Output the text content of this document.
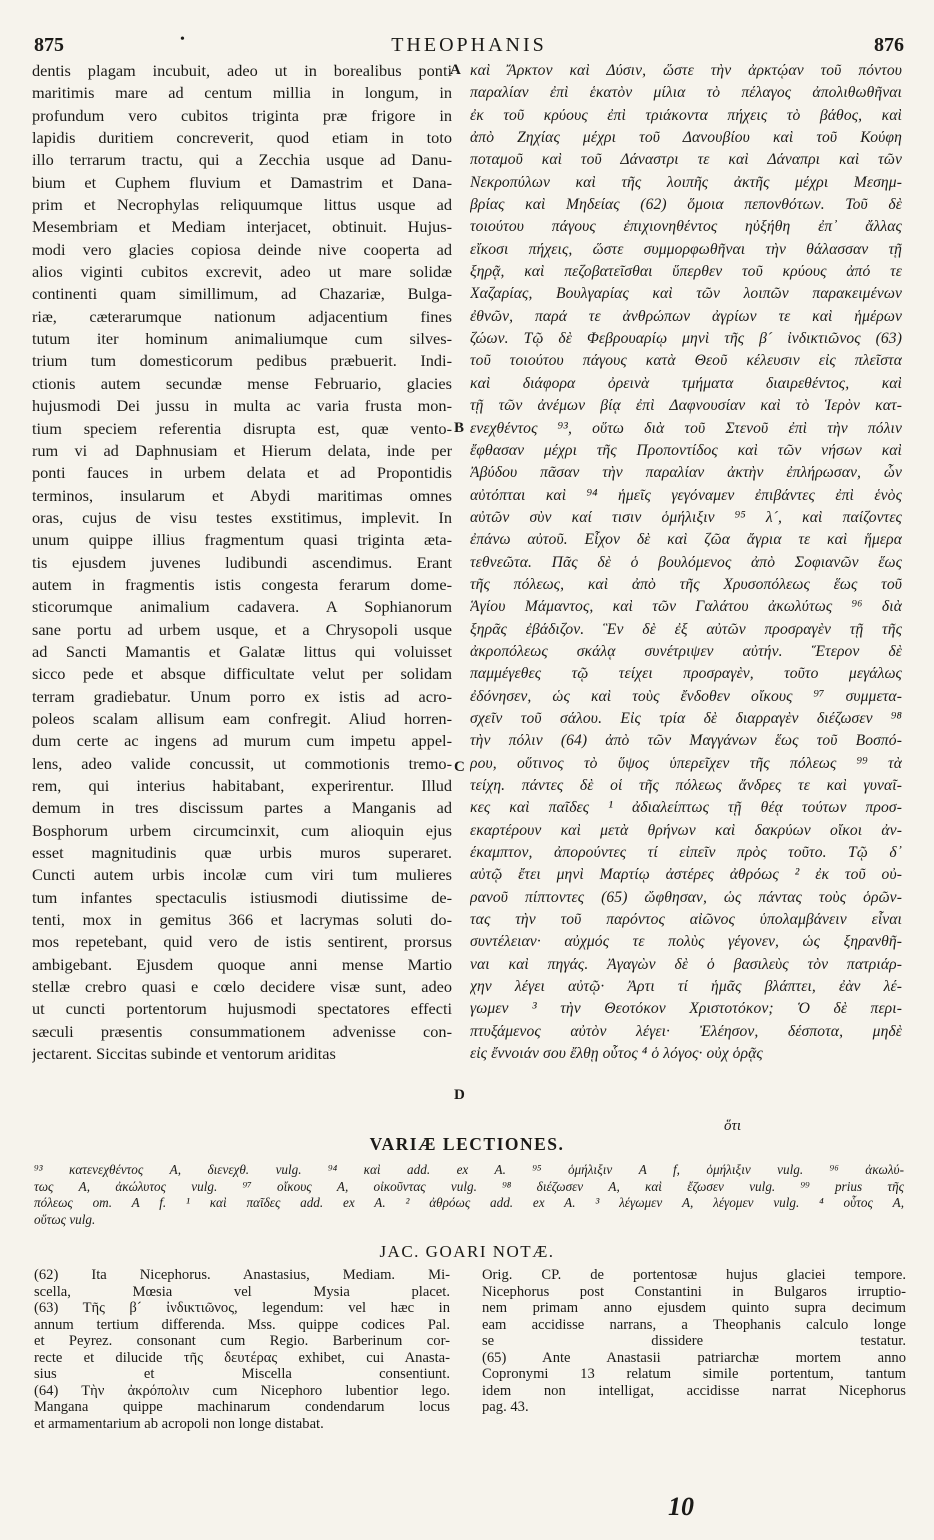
875	•	THEOPHANIS	876

dentis plagam incubuit, adeo ut in borealibus ponti

maritimis mare ad centum millia in longum, in

profundum vero cubitos triginta præ frigore in

lapidis duritiem concreverit, quod etiam in toto

illo terrarum tractu, qui a Zecchia usque ad Danu-

bium et Cuphem fluvium et Damastrim et Dana-

prim et Necrophylas reliquumque littus usque ad

Mesembriam et Mediam interjacet, obtinuit. Hujus-

modi vero glacies copiosa deinde nive cooperta ad

alios viginti cubitos excrevit, adeo ut mare solidæ

continenti quam simillimum, ad Chazariæ, Bulga-

riæ, cæterarumque nationum adjacentium fines

tutum iter hominum animaliumque cum silves-

trium tum domesticorum pedibus præbuerit. Indi-

ctionis autem secundæ mense Februario, glacies

hujusmodi Dei jussu in multa ac varia frusta mon-

tium speciem referentia disrupta est, quæ vento-

rum vi ad Daphnusiam et Hierum delata, inde per

ponti fauces in urbem delata et ad Propontidis

terminos, insularum et Abydi maritimas omnes

oras, cujus de visu testes exstitimus, implevit. In

unum quippe illius fragmentum quasi triginta æta-

tis ejusdem juvenes ludibundi ascendimus. Erant

autem in fragmentis istis congesta ferarum dome-

sticorumque animalium cadavera. A Sophianorum

sane portu ad urbem usque, et a Chrysopoli usque

ad Sancti Mamantis et Galatæ littus qui voluisset

sicco pede et absque difficultate velut per solidam

terram gradiebatur. Unum porro ex istis ad acro-

poleos scalam allisum eam confregit. Aliud horren-

dum certe ac ingens ad murum cum impetu appel-

lens, adeo valide concussit, ut commotionis tremo-

rem, qui interius habitabant, experirentur. Illud

demum in tres discissum partes a Manganis ad

Bosphorum urbem circumcinxit, cum alioquin ejus

esset magnitudinis quæ urbis muros superaret.

Cuncti autem urbis incolæ cum viri tum mulieres

tum infantes spectaculis istiusmodi diutissime de-

tenti, mox in gemitus 366 et lacrymas soluti do-

mos repetebant, quid vero de istis sentirent, prorsus

ambigebant. Ejusdem quoque anni mense Martio

stellæ crebro quasi e cœlo decidere visæ sunt, adeo

ut cuncti portentorum hujusmodi spectatores effecti

sæculi præsentis consummationem advenisse con-

jectarent. Siccitas subinde et ventorum ariditas

A
B
C
D

καὶ Ἄρκτον καὶ Δύσιν, ὥστε τὴν ἀρκτῴαν τοῦ πόντου

παραλίαν ἐπὶ ἑκατὸν μίλια τὸ πέλαγος ἀπολιθωθῆναι

ἐκ τοῦ κρύους ἐπὶ τριάκοντα πήχεις τὸ βάθος, καὶ

ἀπὸ Ζηχίας μέχρι τοῦ Δανουβίου καὶ τοῦ Κούφη

ποταμοῦ καὶ τοῦ Δάναστρι τε καὶ Δάναπρι καὶ τῶν

Νεκροπύλων καὶ τῆς λοιπῆς ἀκτῆς μέχρι Μεσημ-

βρίας καὶ Μηδείας (62) ὅμοια πεπονθότων. Τοῦ δὲ

τοιούτου πάγους ἐπιχιονηθέντος ηὐξήθη ἐπ᾽ ἄλλας

εἴκοσι πήχεις, ὥστε συμμορφωθῆναι τὴν θάλασσαν τῇ

ξηρᾷ, καὶ πεζοβατεῖσθαι ὕπερθεν τοῦ κρύους ἀπό τε

Χαζαρίας, Βουλγαρίας καὶ τῶν λοιπῶν παρακειμένων

ἐθνῶν, παρά τε ἀνθρώπων ἀγρίων τε καὶ ἡμέρων

ζώων. Τῷ δὲ Φεβρουαρίῳ μηνὶ τῆς β´ ἰνδικτιῶνος (63)

τοῦ τοιούτου πάγους κατὰ Θεοῦ κέλευσιν εἰς πλεῖστα

καὶ διάφορα ὀρεινὰ τμήματα διαιρεθέντος, καὶ

τῇ τῶν ἀνέμων βίᾳ ἐπὶ Δαφνουσίαν καὶ τὸ Ἱερὸν κατ-

ενεχθέντος ⁹³, οὕτω διὰ τοῦ Στενοῦ ἐπὶ τὴν πόλιν

ἔφθασαν μέχρι τῆς Προποντίδος καὶ τῶν νήσων καὶ

Ἀβύδου πᾶσαν τὴν παραλίαν ἀκτὴν ἐπλήρωσαν, ὧν

αὐτόπται καὶ ⁹⁴ ἡμεῖς γεγόναμεν ἐπιβάντες ἐπὶ ἑνὸς

αὐτῶν σὺν καί τισιν ὁμήλιξιν ⁹⁵ λ´, καὶ παίζοντες

ἐπάνω αὐτοῦ. Εἶχον δὲ καὶ ζῶα ἄγρια τε καὶ ἥμερα

τεθνεῶτα. Πᾶς δὲ ὁ βουλόμενος ἀπὸ Σοφιανῶν ἕως

τῆς πόλεως, καὶ ἀπὸ τῆς Χρυσοπόλεως ἕως τοῦ

Ἁγίου Μάμαντος, καὶ τῶν Γαλάτου ἀκωλύτως ⁹⁶ διὰ

ξηρᾶς ἐβάδιζον. Ἓν δὲ ἐξ αὐτῶν προσραγὲν τῇ τῆς

ἀκροπόλεως σκάλᾳ συνέτριψεν αὐτήν. Ἕτερον δὲ

παμμέγεθες τῷ τείχει προσραγὲν, τοῦτο μεγάλως

ἐδόνησεν, ὡς καὶ τοὺς ἔνδοθεν οἴκους ⁹⁷ συμμετα-

σχεῖν τοῦ σάλου. Εἰς τρία δὲ διαρραγὲν διέζωσεν ⁹⁸

τὴν πόλιν (64) ἀπὸ τῶν Μαγγάνων ἕως τοῦ Βοσπό-

ρου, οὕτινος τὸ ὕψος ὑπερεῖχεν τῆς πόλεως ⁹⁹ τὰ

τείχη. πάντες δὲ οἱ τῆς πόλεως ἄνδρες τε καὶ γυναῖ-

κες καὶ παῖδες ¹ ἀδιαλείπτως τῇ θέᾳ τούτων προσ-

εκαρτέρουν καὶ μετὰ θρήνων καὶ δακρύων οἴκοι ἀν-

έκαμπτον, ἀπορούντες τί εἰπεῖν πρὸς τοῦτο. Τῷ δ᾽

αὐτῷ ἔτει μηνὶ Μαρτίῳ ἀστέρες ἀθρόως ² ἐκ τοῦ οὐ-

ρανοῦ πίπτοντες (65) ὤφθησαν, ὡς πάντας τοὺς ὁρῶν-

τας τὴν τοῦ παρόντος αἰῶνος ὑπολαμβάνειν εἶναι

συντέλειαν· αὐχμός τε πολὺς γέγονεν, ὡς ξηρανθῆ-

ναι καὶ πηγάς. Ἀγαγὼν δὲ ὁ βασιλεὺς τὸν πατριάρ-

χην λέγει αὐτῷ· Ἀρτι τί ἡμᾶς βλάπτει, ἐὰν λέ-

γωμεν ³ τὴν Θεοτόκον Χριστοτόκον; Ὁ δὲ περι-

πτυξάμενος αὐτὸν λέγει· Ἐλέησον, δέσποτα, μηδὲ

εἰς ἔννοιάν σου ἔλθῃ οὗτος ⁴ ὁ λόγος· οὐχ ὁρᾷς

ὅτι
VARIÆ LECTIONES.

⁹³ κατενεχθέντος A, διενεχθ. vulg. ⁹⁴ καὶ add. ex A. ⁹⁵ ὁμήλιξιν A f, ὁμήλιξιν vulg. ⁹⁶ ἀκωλύ-

τως A, ἀκώλυτος vulg. ⁹⁷ οἴκους A, οἰκοῦντας vulg. ⁹⁸ διέζωσεν A, καὶ ἔζωσεν vulg. ⁹⁹ prius τῆς

πόλεως om. A f. ¹ καὶ παῖδες add. ex A. ² ἀθρόως add. ex A. ³ λέγωμεν A, λέγομεν vulg. ⁴ οὗτος A,

οὕτως vulg.

JAC. GOARI NOTÆ.

(62) Ita Nicephorus. Anastasius, Mediam. Mi-

scella, Mœsia vel Mysia placet.

(63) Τῆς β´ ἰνδικτιῶνος, legendum: vel hæc in

annum tertium differenda. Mss. quippe codices Pal.

et Peyrez. consonant cum Regio. Barberinum cor-

recte et dilucide τῆς δευτέρας exhibet, cui Anasta-

sius et Miscella consentiunt.

(64) Τὴν ἀκρόπολιν cum Nicephoro lubentior lego.

Mangana quippe machinarum condendarum locus

et armamentarium ab acropoli non longe distabat.

Orig. CP. de portentosæ hujus glaciei tempore.

Nicephorus post Constantini in Bulgaros irruptio-

nem primam anno ejusdem quinto supra decimum

eam accidisse narrans, a Theophanis calculo longe

se dissidere testatur.

(65) Ante Anastasii patriarchæ mortem anno

Copronymi 13 relatum simile portentum, tantum

idem non intelligat, accidisse narrat Nicephorus

pag. 43.

10
